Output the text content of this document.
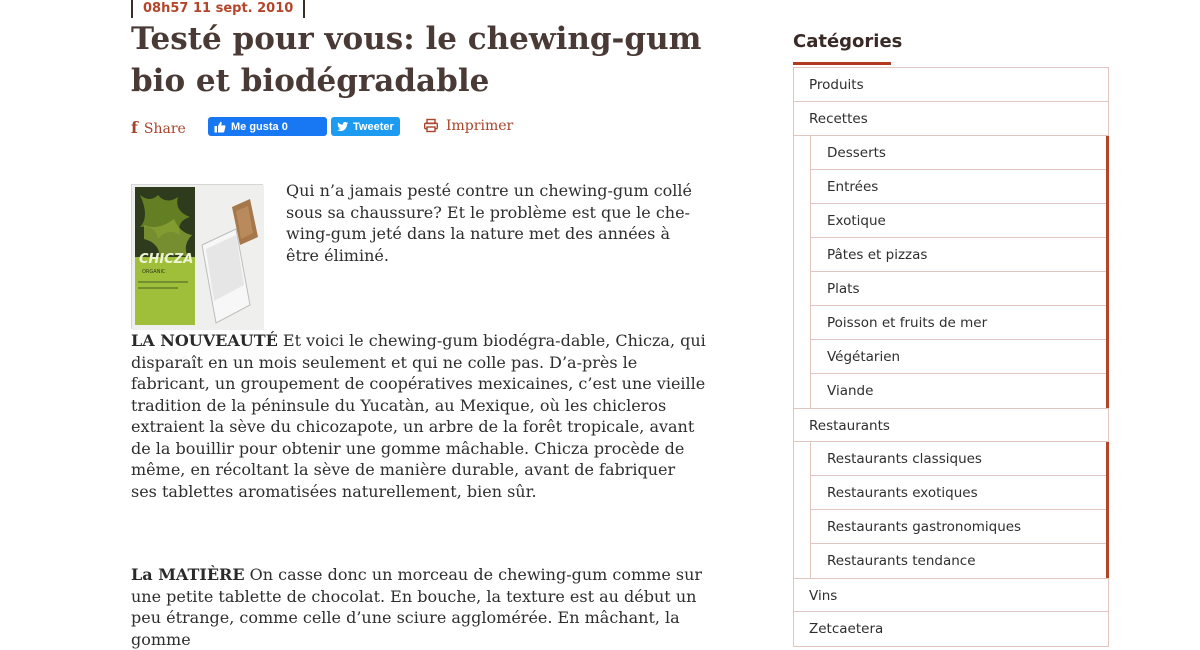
08h57 11 sept. 2010
Testé pour vous: le chewing-gum bio et biodégradable
f Share	Me gusta 0	Tweeter	Imprimer
CHICZA
ORGANIC

Qui n’a jamais pesté contre un chewing-gum collé sous sa chaussure? Et le problème est que le che-wing-gum jeté dans la nature met des années à être éliminé.

LA NOUVEAUTÉ Et voici le chewing-gum biodégra-dable, Chicza, qui disparaît en un mois seulement et qui ne colle pas. D’a-près le fabricant, un groupement de coopératives mexicaines, c’est une vieille tradition de la péninsule du Yucatàn, au Mexique, où les chicleros extraient la sève du chicozapote, un arbre de la forêt tropicale, avant de la bouillir pour obtenir une gomme mâchable. Chicza procède de même, en récoltant la sève de manière durable, avant de fabriquer ses tablettes aromatisées naturellement, bien sûr.

La MATIÈRE On casse donc un morceau de chewing-gum comme sur une petite tablette de chocolat. En bouche, la texture est au début un peu étrange, comme celle d’une sciure agglomérée. En mâchant, la gomme

Catégories
Produits
Recettes
Desserts
Entrées
Exotique
Pâtes et pizzas
Plats
Poisson et fruits de mer
Végétarien
Viande
Restaurants
Restaurants classiques
Restaurants exotiques
Restaurants gastronomiques
Restaurants tendance
Vins
Zetcaetera
